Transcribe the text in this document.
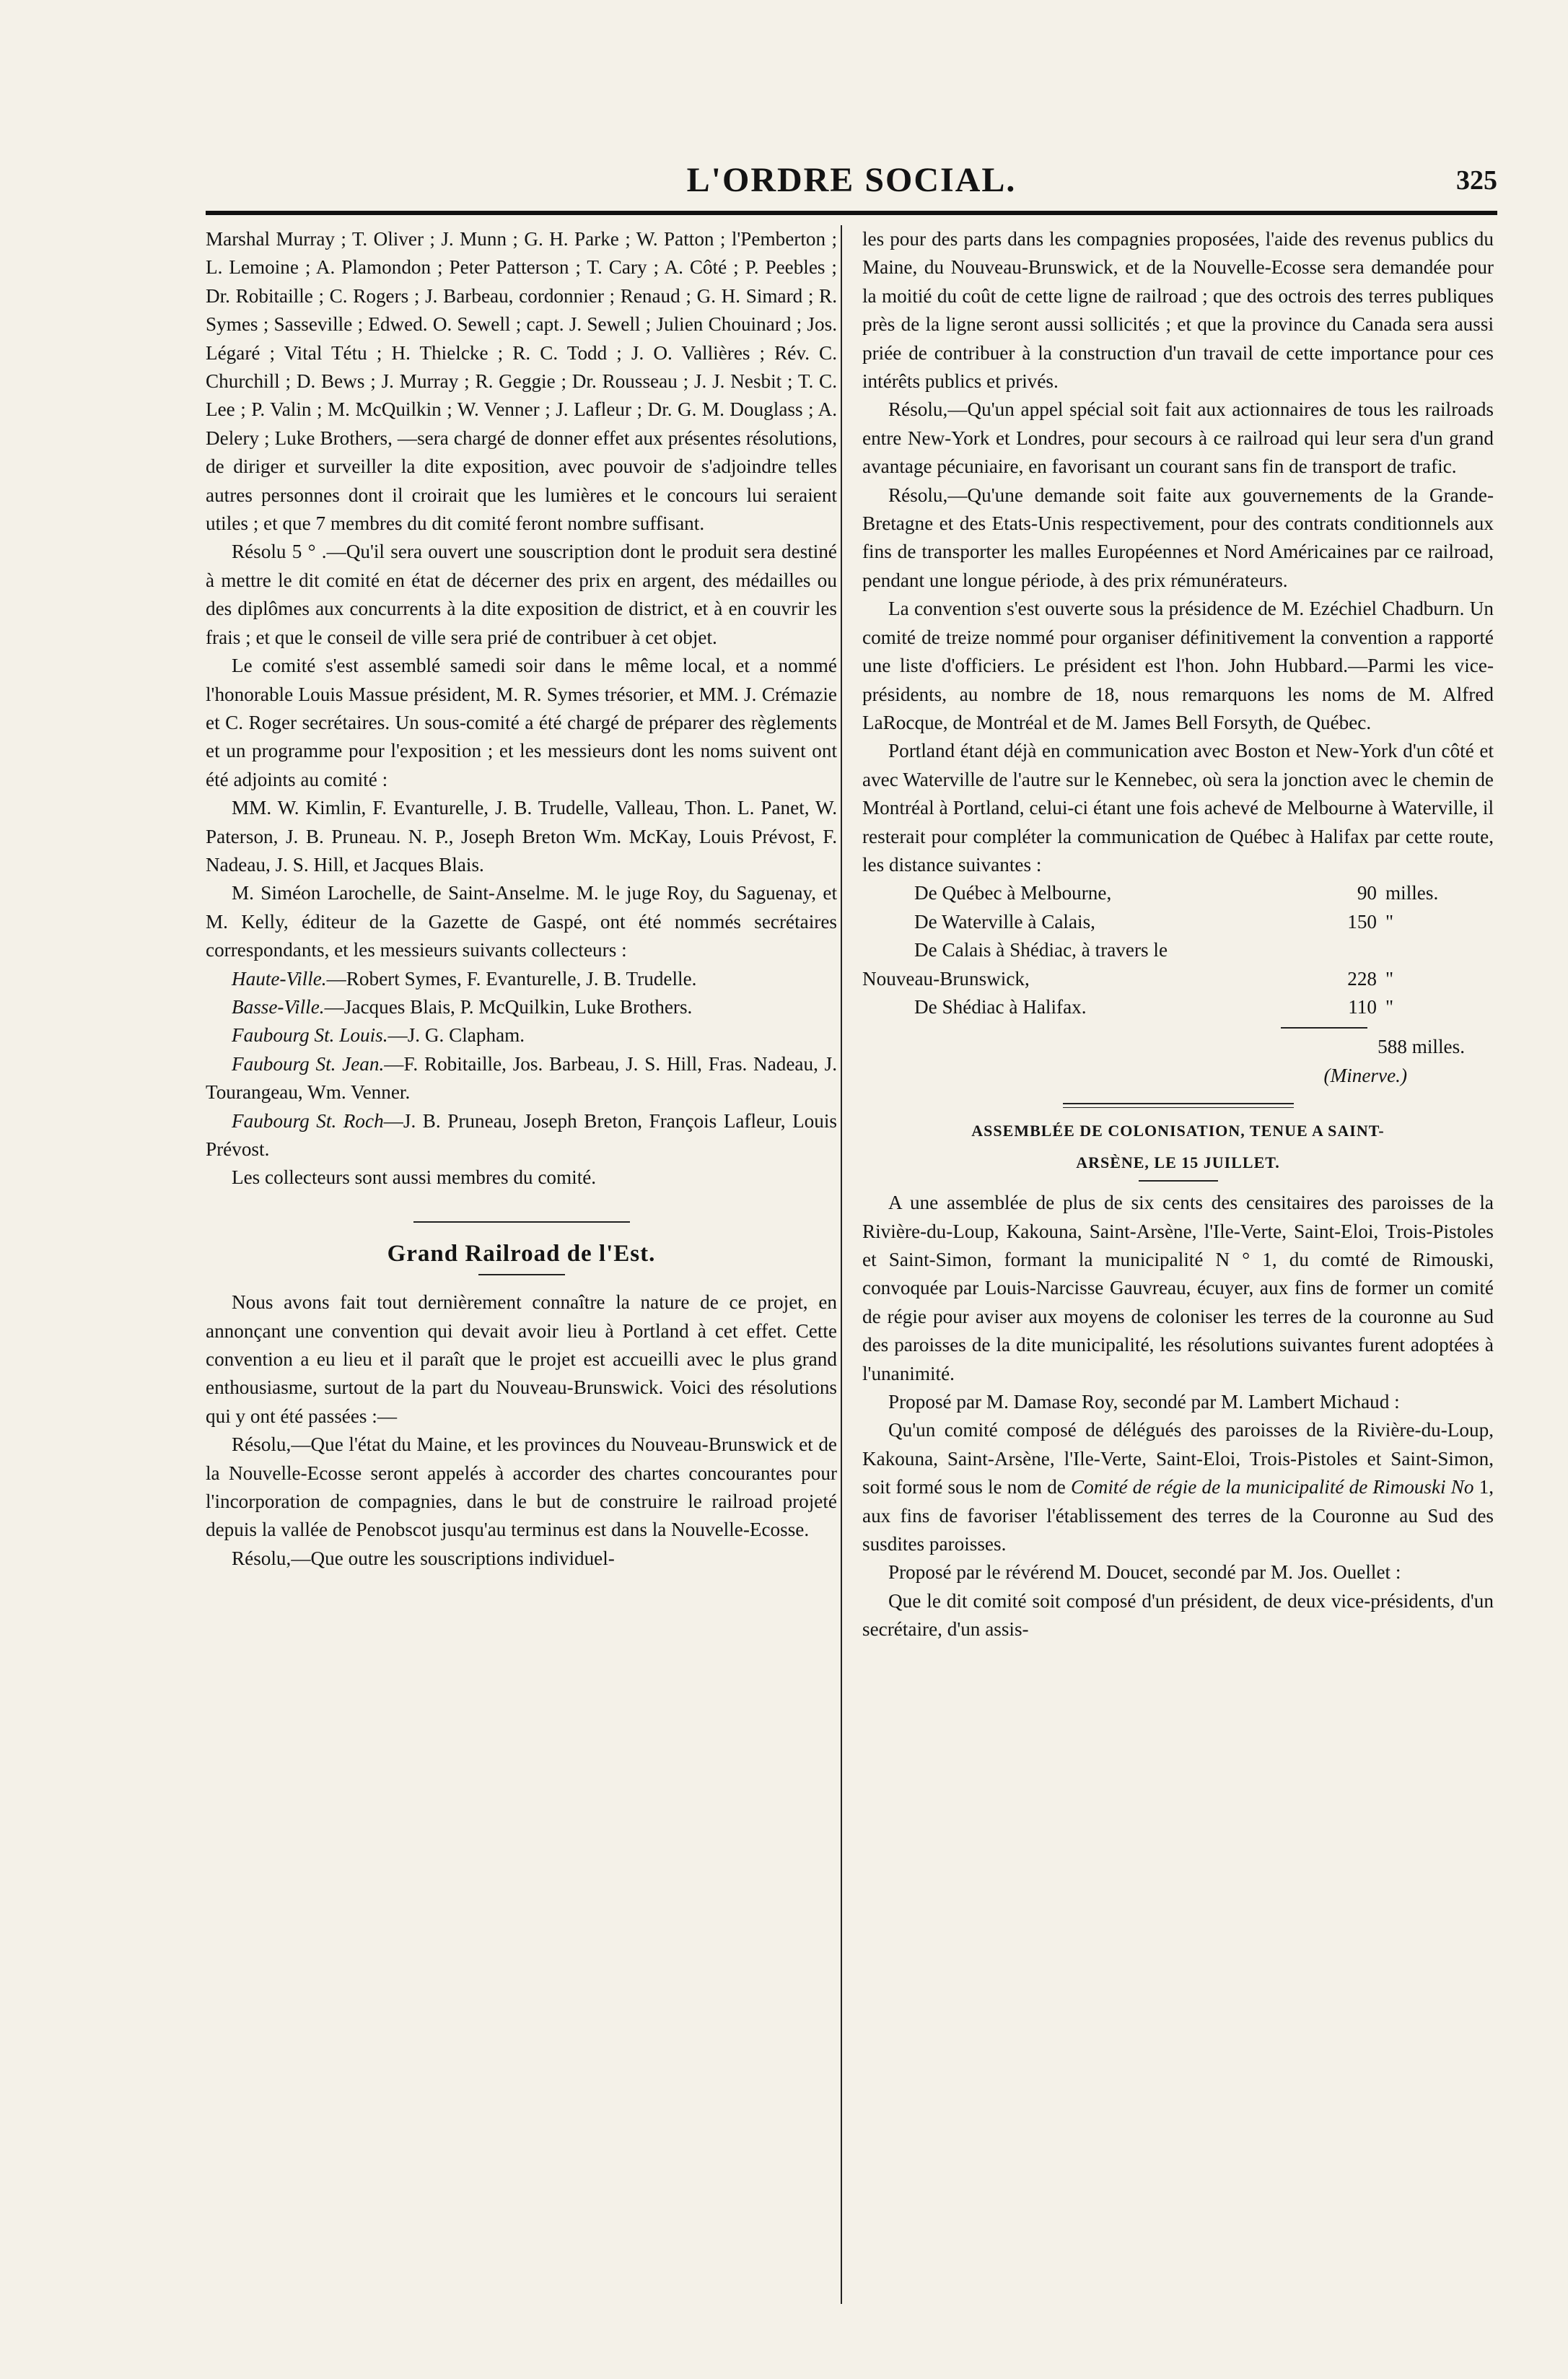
L'ORDRE SOCIAL.	325

Marshal Murray ; T. Oliver ; J. Munn ; G. H. Parke ; W. Patton ; l'Pemberton ; L. Lemoine ; A. Plamondon ; Peter Patterson ; T. Cary ; A. Côté ; P. Peebles ; Dr. Robitaille ; C. Rogers ; J. Barbeau, cordonnier ; Renaud ; G. H. Simard ; R. Symes ; Sasseville ; Edwed. O. Sewell ; capt. J. Sewell ; Julien Chouinard ; Jos. Légaré ; Vital Tétu ; H. Thielcke ; R. C. Todd ; J. O. Vallières ; Rév. C. Churchill ; D. Bews ; J. Murray ; R. Geggie ; Dr. Rousseau ; J. J. Nesbit ; T. C. Lee ; P. Valin ; M. McQuilkin ; W. Venner ; J. Lafleur ; Dr. G. M. Douglass ; A. Delery ; Luke Brothers, —sera chargé de donner effet aux présentes résolutions, de diriger et surveiller la dite exposition, avec pouvoir de s'adjoindre telles autres personnes dont il croirait que les lumières et le concours lui seraient utiles ; et que 7 membres du dit comité feront nombre suffisant.

Résolu 5 ° .—Qu'il sera ouvert une souscription dont le produit sera destiné à mettre le dit comité en état de décerner des prix en argent, des médailles ou des diplômes aux concurrents à la dite exposition de district, et à en couvrir les frais ; et que le conseil de ville sera prié de contribuer à cet objet.

Le comité s'est assemblé samedi soir dans le même local, et a nommé l'honorable Louis Massue président, M. R. Symes trésorier, et MM. J. Crémazie et C. Roger secrétaires. Un sous-comité a été chargé de préparer des règlements et un programme pour l'exposition ; et les messieurs dont les noms suivent ont été adjoints au comité :

MM. W. Kimlin, F. Evanturelle, J. B. Trudelle, Valleau, Thon. L. Panet, W. Paterson, J. B. Pruneau. N. P., Joseph Breton Wm. McKay, Louis Prévost, F. Nadeau, J. S. Hill, et Jacques Blais.

M. Siméon Larochelle, de Saint-Anselme. M. le juge Roy, du Saguenay, et M. Kelly, éditeur de la Gazette de Gaspé, ont été nommés secrétaires correspondants, et les messieurs suivants collecteurs :

Haute-Ville.—Robert Symes, F. Evanturelle, J. B. Trudelle.

Basse-Ville.—Jacques Blais, P. McQuilkin, Luke Brothers.

Faubourg St. Louis.—J. G. Clapham.

Faubourg St. Jean.—F. Robitaille, Jos. Barbeau, J. S. Hill, Fras. Nadeau, J. Tourangeau, Wm. Venner.

Faubourg St. Roch—J. B. Pruneau, Joseph Breton, François Lafleur, Louis Prévost.

Les collecteurs sont aussi membres du comité.

Grand Railroad de l'Est.

Nous avons fait tout dernièrement connaître la nature de ce projet, en annonçant une convention qui devait avoir lieu à Portland à cet effet. Cette convention a eu lieu et il paraît que le projet est accueilli avec le plus grand enthousiasme, surtout de la part du Nouveau-Brunswick. Voici des résolutions qui y ont été passées :—

Résolu,—Que l'état du Maine, et les provinces du Nouveau-Brunswick et de la Nouvelle-Ecosse seront appelés à accorder des chartes concourantes pour l'incorporation de compagnies, dans le but de construire le railroad projeté depuis la vallée de Penobscot jusqu'au terminus est dans la Nouvelle-Ecosse.

Résolu,—Que outre les souscriptions individuel-

les pour des parts dans les compagnies proposées, l'aide des revenus publics du Maine, du Nouveau-Brunswick, et de la Nouvelle-Ecosse sera demandée pour la moitié du coût de cette ligne de railroad ; que des octrois des terres publiques près de la ligne seront aussi sollicités ; et que la province du Canada sera aussi priée de contribuer à la construction d'un travail de cette importance pour ces intérêts publics et privés.

Résolu,—Qu'un appel spécial soit fait aux actionnaires de tous les railroads entre New-York et Londres, pour secours à ce railroad qui leur sera d'un grand avantage pécuniaire, en favorisant un courant sans fin de transport de trafic.

Résolu,—Qu'une demande soit faite aux gouvernements de la Grande-Bretagne et des Etats-Unis respectivement, pour des contrats conditionnels aux fins de transporter les malles Européennes et Nord Américaines par ce railroad, pendant une longue période, à des prix rémunérateurs.

La convention s'est ouverte sous la présidence de M. Ezéchiel Chadburn. Un comité de treize nommé pour organiser définitivement la convention a rapporté une liste d'officiers. Le président est l'hon. John Hubbard.—Parmi les vice-présidents, au nombre de 18, nous remarquons les noms de M. Alfred LaRocque, de Montréal et de M. James Bell Forsyth, de Québec.

Portland étant déjà en communication avec Boston et New-York d'un côté et avec Waterville de l'autre sur le Kennebec, où sera la jonction avec le chemin de Montréal à Portland, celui-ci étant une fois achevé de Melbourne à Waterville, il resterait pour compléter la communication de Québec à Halifax par cette route, les distance suivantes :

De Québec à Melbourne,	90	milles.
De Waterville à Calais,	150	"
De Calais à Shédiac, à travers le		
Nouveau-Brunswick,	228	"
De Shédiac à Halifax.	110	"

588 milles.

(Minerve.)

ASSEMBLÉE DE COLONISATION, TENUE A SAINT-
ARSÈNE, LE 15 JUILLET.

A une assemblée de plus de six cents des censitaires des paroisses de la Rivière-du-Loup, Kakouna, Saint-Arsène, l'Ile-Verte, Saint-Eloi, Trois-Pistoles et Saint-Simon, formant la municipalité N ° 1, du comté de Rimouski, convoquée par Louis-Narcisse Gauvreau, écuyer, aux fins de former un comité de régie pour aviser aux moyens de coloniser les terres de la couronne au Sud des paroisses de la dite municipalité, les résolutions suivantes furent adoptées à l'unanimité.

Proposé par M. Damase Roy, secondé par M. Lambert Michaud :

Qu'un comité composé de délégués des paroisses de la Rivière-du-Loup, Kakouna, Saint-Arsène, l'Ile-Verte, Saint-Eloi, Trois-Pistoles et Saint-Simon, soit formé sous le nom de Comité de régie de la municipalité de Rimouski No 1, aux fins de favoriser l'établissement des terres de la Couronne au Sud des susdites paroisses.

Proposé par le révérend M. Doucet, secondé par M. Jos. Ouellet :

Que le dit comité soit composé d'un président, de deux vice-présidents, d'un secrétaire, d'un assis-
